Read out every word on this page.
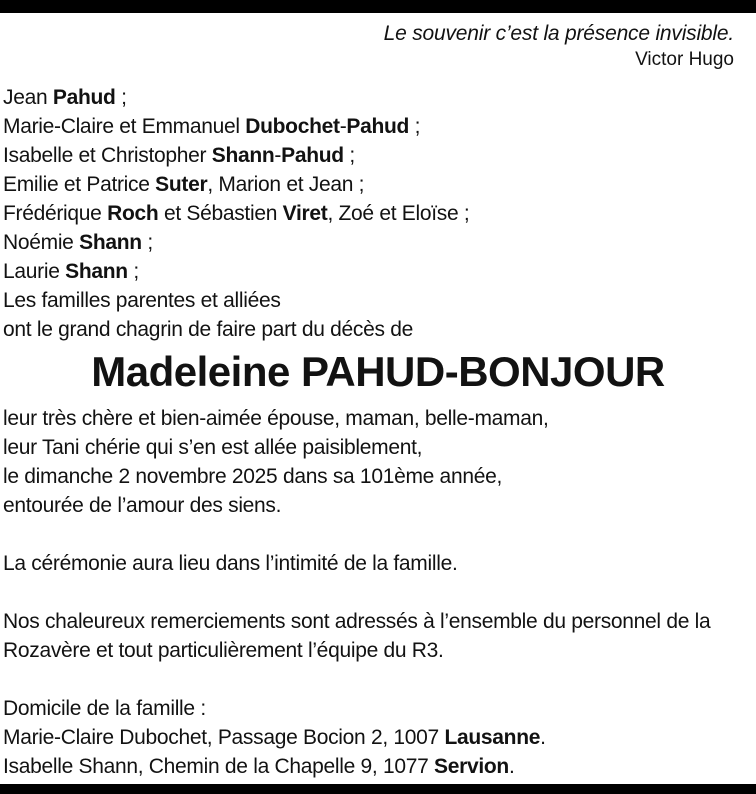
Le souvenir c’est la présence invisible.
Victor Hugo
Jean Pahud ;
Marie-Claire et Emmanuel Dubochet-Pahud ;
Isabelle et Christopher Shann-Pahud ;
Emilie et Patrice Suter, Marion et Jean ;
Frédérique Roch et Sébastien Viret, Zoé et Eloïse ;
Noémie Shann ;
Laurie Shann ;
Les familles parentes et alliées
ont le grand chagrin de faire part du décès de
Madeleine PAHUD-BONJOUR
leur très chère et bien-aimée épouse, maman, belle-maman,
leur Tani chérie qui s’en est allée paisiblement,
le dimanche 2 novembre 2025 dans sa 101ème année,
entourée de l’amour des siens.
La cérémonie aura lieu dans l’intimité de la famille.
Nos chaleureux remerciements sont adressés à l’ensemble du personnel de la
Rozavère et tout particulièrement l’équipe du R3.
Domicile de la famille :
Marie-Claire Dubochet, Passage Bocion 2, 1007 Lausanne.
Isabelle Shann, Chemin de la Chapelle 9, 1077 Servion.
